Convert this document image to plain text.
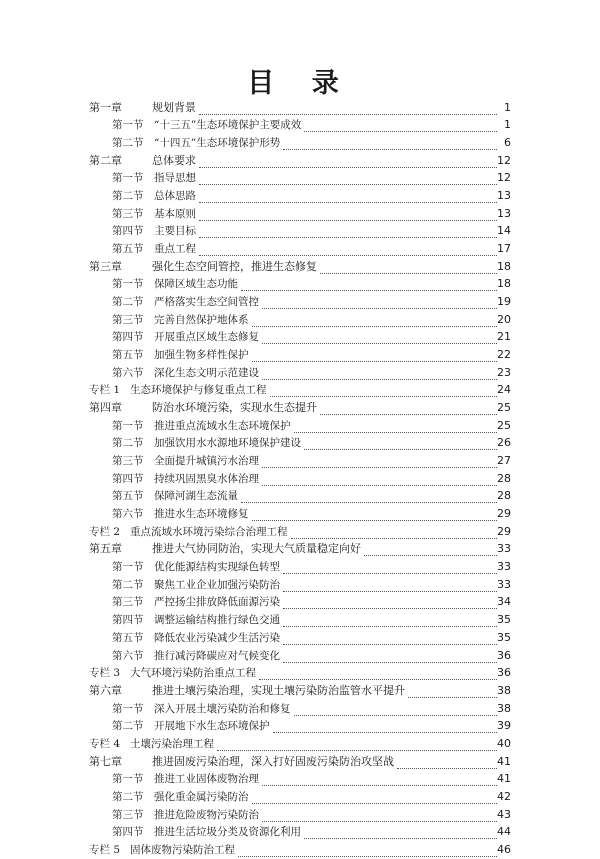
目 录
第一章	规划背景	1
第一节 “十三五”生态环境保护主要成效	1
第二节 “十四五”生态环境保护形势	6
第二章	总体要求	12
第一节 指导思想	12
第二节 总体思路	13
第三节 基本原则	13
第四节 主要目标	14
第五节 重点工程	17
第三章	强化生态空间管控，推进生态修复	18
第一节 保障区域生态功能	18
第二节 严格落实生态空间管控	19
第三节 完善自然保护地体系	20
第四节 开展重点区域生态修复	21
第五节 加强生物多样性保护	22
第六节 深化生态文明示范建设	23
专栏 1 生态环境保护与修复重点工程	24
第四章	防治水环境污染，实现水生态提升	25
第一节 推进重点流域水生态环境保护	25
第二节 加强饮用水水源地环境保护建设	26
第三节 全面提升城镇污水治理	27
第四节 持续巩固黑臭水体治理	28
第五节 保障河湖生态流量	28
第六节 推进水生态环境修复	29
专栏 2 重点流域水环境污染综合治理工程	29
第五章	推进大气协同防治，实现大气质量稳定向好	33
第一节 优化能源结构实现绿色转型	33
第二节 聚焦工业企业加强污染防治	33
第三节 严控扬尘排放降低面源污染	34
第四节 调整运输结构推行绿色交通	35
第五节 降低农业污染减少生活污染	35
第六节 推行减污降碳应对气候变化	36
专栏 3 大气环境污染防治重点工程	36
第六章	推进土壤污染治理，实现土壤污染防治监管水平提升	38
第一节 深入开展土壤污染防治和修复	38
第二节 开展地下水生态环境保护	39
专栏 4 土壤污染治理工程	40
第七章	推进固废污染治理，深入打好固废污染防治攻坚战	41
第一节 推进工业固体废物治理	41
第二节 强化重金属污染防治	42
第三节 推进危险废物污染防治	43
第四节 推进生活垃圾分类及资源化利用	44
专栏 5 固体废物污染防治工程	46
